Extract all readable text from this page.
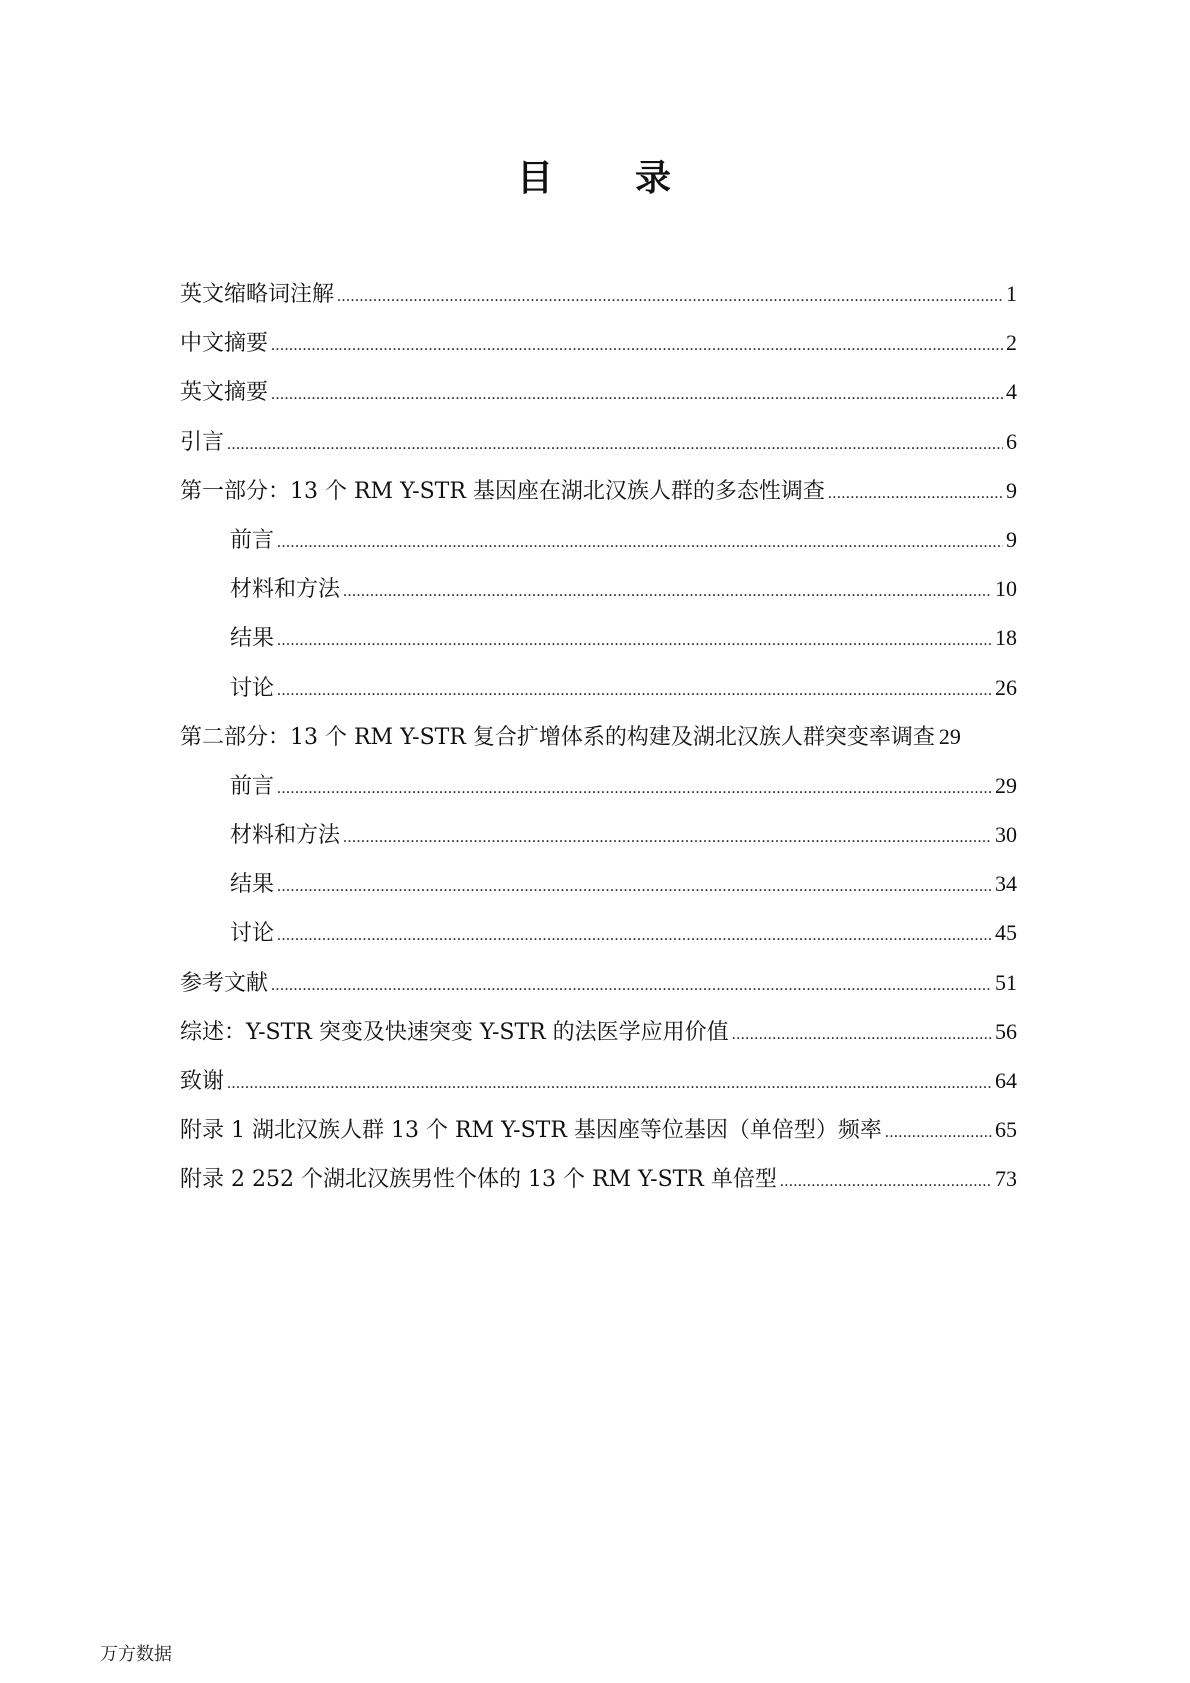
目 录
英文缩略词注解 .....	1
中文摘要 .....	2
英文摘要 .....	4
引言 .....	6
第一部分：13 个 RM Y-STR 基因座在湖北汉族人群的多态性调查 .....	9
前言 .....	9
材料和方法 .....	10
结果 .....	18
讨论 .....	26
第二部分：13 个 RM Y-STR 复合扩增体系的构建及湖北汉族人群突变率调查 29
前言 .....	29
材料和方法 .....	30
结果 .....	34
讨论 .....	45
参考文献 .....	51
综述：Y-STR 突变及快速突变 Y-STR 的法医学应用价值 .....	56
致谢 .....	64
附录 1 湖北汉族人群 13 个 RM Y-STR 基因座等位基因（单倍型）频率 .....	65
附录 2 252 个湖北汉族男性个体的 13 个 RM Y-STR 单倍型 .....	73
万方数据
